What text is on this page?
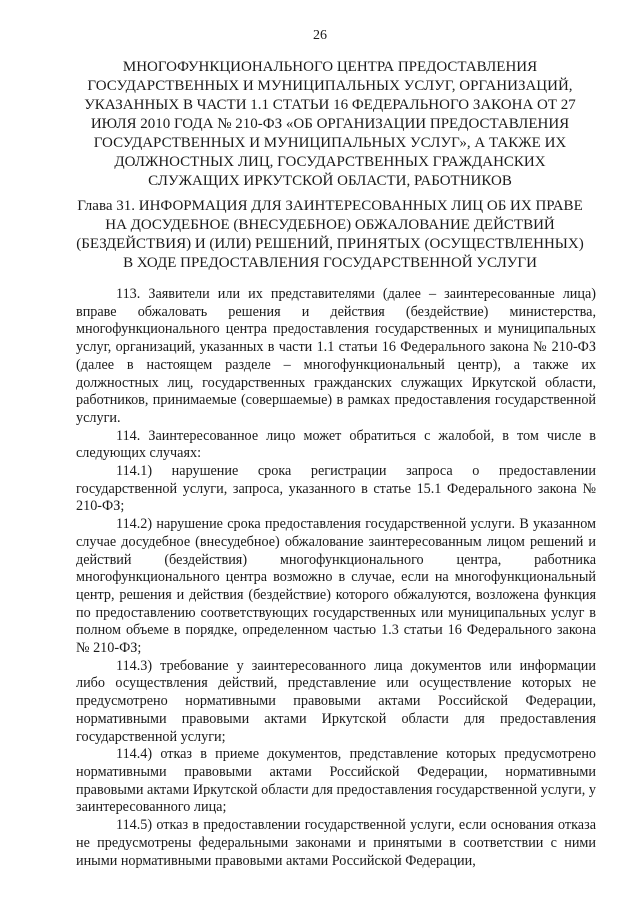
26
МНОГОФУНКЦИОНАЛЬНОГО ЦЕНТРА ПРЕДОСТАВЛЕНИЯ ГОСУДАРСТВЕННЫХ И МУНИЦИПАЛЬНЫХ УСЛУГ, ОРГАНИЗАЦИЙ, УКАЗАННЫХ В ЧАСТИ 1.1 СТАТЬИ 16 ФЕДЕРАЛЬНОГО ЗАКОНА ОТ 27 ИЮЛЯ 2010 ГОДА № 210-ФЗ «ОБ ОРГАНИЗАЦИИ ПРЕДОСТАВЛЕНИЯ ГОСУДАРСТВЕННЫХ И МУНИЦИПАЛЬНЫХ УСЛУГ», А ТАКЖЕ ИХ ДОЛЖНОСТНЫХ ЛИЦ, ГОСУДАРСТВЕННЫХ ГРАЖДАНСКИХ СЛУЖАЩИХ ИРКУТСКОЙ ОБЛАСТИ, РАБОТНИКОВ
Глава 31. ИНФОРМАЦИЯ ДЛЯ ЗАИНТЕРЕСОВАННЫХ ЛИЦ ОБ ИХ ПРАВЕ НА ДОСУДЕБНОЕ (ВНЕСУДЕБНОЕ) ОБЖАЛОВАНИЕ ДЕЙСТВИЙ (БЕЗДЕЙСТВИЯ) И (ИЛИ) РЕШЕНИЙ, ПРИНЯТЫХ (ОСУЩЕСТВЛЕННЫХ) В ХОДЕ ПРЕДОСТАВЛЕНИЯ ГОСУДАРСТВЕННОЙ УСЛУГИ

113. Заявители или их представителями (далее – заинтересованные лица) вправе обжаловать решения и действия (бездействие) министерства, многофункционального центра предоставления государственных и муниципальных услуг, организаций, указанных в части 1.1 статьи 16 Федерального закона № 210-ФЗ (далее в настоящем разделе – многофункциональный центр), а также их должностных лиц, государственных гражданских служащих Иркутской области, работников, принимаемые (совершаемые) в рамках предоставления государственной услуги.

114. Заинтересованное лицо может обратиться с жалобой, в том числе в следующих случаях:

114.1) нарушение срока регистрации запроса о предоставлении государственной услуги, запроса, указанного в статье 15.1 Федерального закона № 210-ФЗ;

114.2) нарушение срока предоставления государственной услуги. В указанном случае досудебное (внесудебное) обжалование заинтересованным лицом решений и действий (бездействия) многофункционального центра, работника многофункционального центра возможно в случае, если на многофункциональный центр, решения и действия (бездействие) которого обжалуются, возложена функция по предоставлению соответствующих государственных или муниципальных услуг в полном объеме в порядке, определенном частью 1.3 статьи 16 Федерального закона № 210-ФЗ;

114.3) требование у заинтересованного лица документов или информации либо осуществления действий, представление или осуществление которых не предусмотрено нормативными правовыми актами Российской Федерации, нормативными правовыми актами Иркутской области для предоставления государственной услуги;

114.4) отказ в приеме документов, представление которых предусмотрено нормативными правовыми актами Российской Федерации, нормативными правовыми актами Иркутской области для предоставления государственной услуги, у заинтересованного лица;

114.5) отказ в предоставлении государственной услуги, если основания отказа не предусмотрены федеральными законами и принятыми в соответствии с ними иными нормативными правовыми актами Российской Федерации,
